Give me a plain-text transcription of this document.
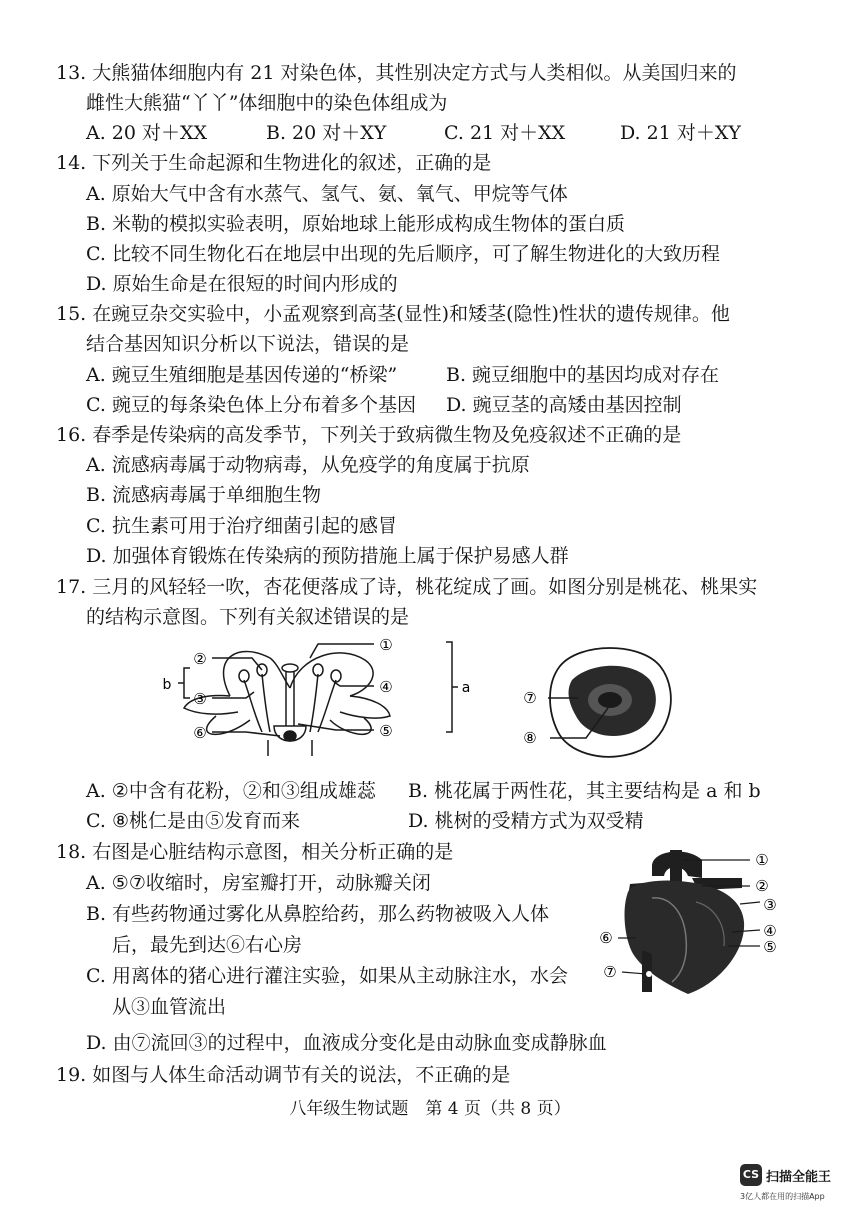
13. 大熊猫体细胞内有 21 对染色体，其性别决定方式与人类相似。从美国归来的
雌性大熊猫“丫丫”体细胞中的染色体组成为
A. 20 对＋XX	B. 20 对＋XY	C. 21 对＋XX	D. 21 对＋XY
14. 下列关于生命起源和生物进化的叙述，正确的是
A. 原始大气中含有水蒸气、氢气、氨、氧气、甲烷等气体
B. 米勒的模拟实验表明，原始地球上能形成构成生物体的蛋白质
C. 比较不同生物化石在地层中出现的先后顺序，可了解生物进化的大致历程
D. 原始生命是在很短的时间内形成的
15. 在豌豆杂交实验中，小孟观察到高茎(显性)和矮茎(隐性)性状的遗传规律。他
结合基因知识分析以下说法，错误的是
A. 豌豆生殖细胞是基因传递的“桥梁”	B. 豌豆细胞中的基因均成对存在
C. 豌豆的每条染色体上分布着多个基因 D. 豌豆茎的高矮由基因控制
16. 春季是传染病的高发季节，下列关于致病微生物及免疫叙述不正确的是
A. 流感病毒属于动物病毒，从免疫学的角度属于抗原
B. 流感病毒属于单细胞生物
C. 抗生素可用于治疗细菌引起的感冒
D. 加强体育锻炼在传染病的预防措施上属于保护易感人群
17. 三月的风轻轻一吹，杏花便落成了诗，桃花绽成了画。如图分别是桃花、桃果实
的结构示意图。下列有关叙述错误的是
②
③
b
①
④
⑤
⑥
a
⑦
⑧
A. ②中含有花粉，②和③组成雄蕊 B. 桃花属于两性花，其主要结构是 a 和 b
C. ⑧桃仁是由⑤发育而来	D. 桃树的受精方式为双受精
18. 右图是心脏结构示意图，相关分析正确的是
A. ⑤⑦收缩时，房室瓣打开，动脉瓣关闭
B. 有些药物通过雾化从鼻腔给药，那么药物被吸入人体
后，最先到达⑥右心房
C. 用离体的猪心进行灌注实验，如果从主动脉注水，水会
从③血管流出
D. 由⑦流回③的过程中，血液成分变化是由动脉血变成静脉血
①
②
③
④
⑤
⑥
⑦
19. 如图与人体生命活动调节有关的说法，不正确的是
八年级生物试题　第 4 页（共 8 页）
CS 扫描全能王
3亿人都在用的扫描App
